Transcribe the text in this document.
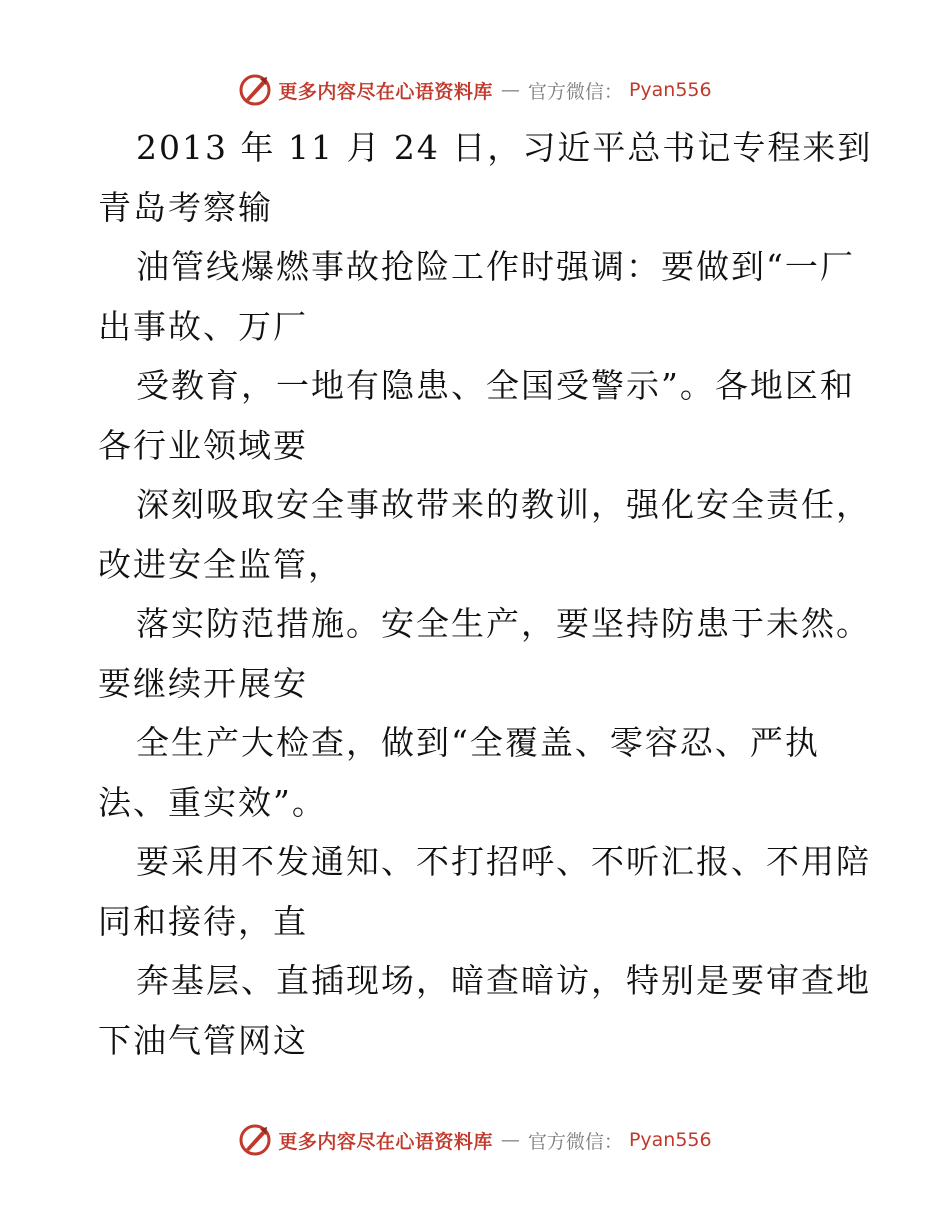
更多内容尽在心语资料库 — 官方微信： Pyan556

2013 年 11 月 24 日，习近平总书记专程来到
青岛考察输

油管线爆燃事故抢险工作时强调：要做到“一厂
出事故、万厂

受教育，一地有隐患、全国受警示”。各地区和
各行业领域要

深刻吸取安全事故带来的教训，强化安全责任，
改进安全监管，

落实防范措施。安全生产，要坚持防患于未然。
要继续开展安

全生产大检查，做到“全覆盖、零容忍、严执
法、重实效”。

要采用不发通知、不打招呼、不听汇报、不用陪
同和接待，直

奔基层、直插现场，暗查暗访，特别是要审查地
下油气管网这

更多内容尽在心语资料库 — 官方微信： Pyan556
